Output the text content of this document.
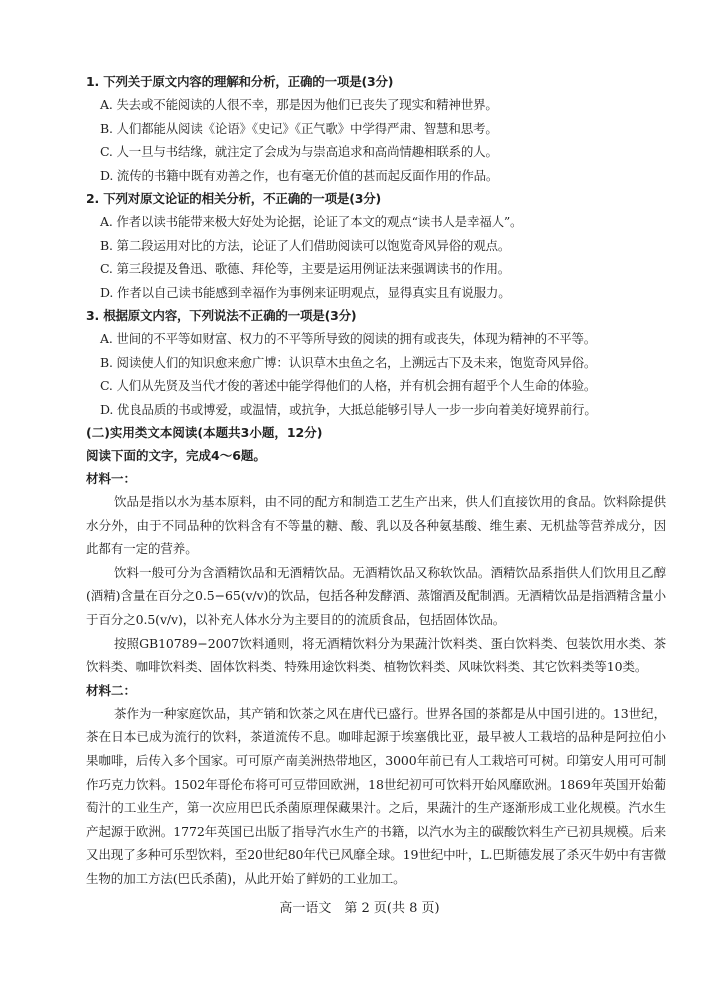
1. 下列关于原文内容的理解和分析，正确的一项是(3分)
A. 失去或不能阅读的人很不幸，那是因为他们已丧失了现实和精神世界。
B. 人们都能从阅读《论语》《史记》《正气歌》中学得严肃、智慧和思考。
C. 人一旦与书结缘，就注定了会成为与崇高追求和高尚情趣相联系的人。
D. 流传的书籍中既有劝善之作，也有毫无价值的甚而起反面作用的作品。
2. 下列对原文论证的相关分析，不正确的一项是(3分)
A. 作者以读书能带来极大好处为论据，论证了本文的观点“读书人是幸福人”。
B. 第二段运用对比的方法，论证了人们借助阅读可以饱览奇风异俗的观点。
C. 第三段提及鲁迅、歌德、拜伦等，主要是运用例证法来强调读书的作用。
D. 作者以自己读书能感到幸福作为事例来证明观点，显得真实且有说服力。
3. 根据原文内容，下列说法不正确的一项是(3分)
A. 世间的不平等如财富、权力的不平等所导致的阅读的拥有或丧失，体现为精神的不平等。
B. 阅读使人们的知识愈来愈广博：认识草木虫鱼之名，上溯远古下及未来，饱览奇风异俗。
C. 人们从先贤及当代才俊的著述中能学得他们的人格，并有机会拥有超乎个人生命的体验。
D. 优良品质的书或博爱，或温情，或抗争，大抵总能够引导人一步一步向着美好境界前行。
(二)实用类文本阅读(本题共3小题，12分)
阅读下面的文字，完成4～6题。
材料一：

饮品是指以水为基本原料，由不同的配方和制造工艺生产出来，供人们直接饮用的食品。饮料除提供水分外，由于不同品种的饮料含有不等量的糖、酸、乳以及各种氨基酸、维生素、无机盐等营养成分，因此都有一定的营养。

饮料一般可分为含酒精饮品和无酒精饮品。无酒精饮品又称软饮品。酒精饮品系指供人们饮用且乙醇(酒精)含量在百分之0.5−65(v/v)的饮品，包括各种发酵酒、蒸馏酒及配制酒。无酒精饮品是指酒精含量小于百分之0.5(v/v)，以补充人体水分为主要目的的流质食品，包括固体饮品。

按照GB10789−2007饮料通则，将无酒精饮料分为果蔬汁饮料类、蛋白饮料类、包装饮用水类、茶饮料类、咖啡饮料类、固体饮料类、特殊用途饮料类、植物饮料类、风味饮料类、其它饮料类等10类。

材料二：

茶作为一种家庭饮品，其产销和饮茶之风在唐代已盛行。世界各国的茶都是从中国引进的。13世纪，茶在日本已成为流行的饮料，茶道流传不息。咖啡起源于埃塞俄比亚，最早被人工栽培的品种是阿拉伯小果咖啡，后传入多个国家。可可原产南美洲热带地区，3000年前已有人工栽培可可树。印第安人用可可制作巧克力饮料。1502年哥伦布将可可豆带回欧洲，18世纪初可可饮料开始风靡欧洲。1869年英国开始葡萄汁的工业生产，第一次应用巴氏杀菌原理保藏果汁。之后，果蔬汁的生产逐渐形成工业化规模。汽水生产起源于欧洲。1772年英国已出版了指导汽水生产的书籍，以汽水为主的碳酸饮料生产已初具规模。后来又出现了多种可乐型饮料，至20世纪80年代已风靡全球。19世纪中叶，L.巴斯德发展了杀灭牛奶中有害微生物的加工方法(巴氏杀菌)，从此开始了鲜奶的工业加工。

高一语文　第 2 页(共 8 页)
